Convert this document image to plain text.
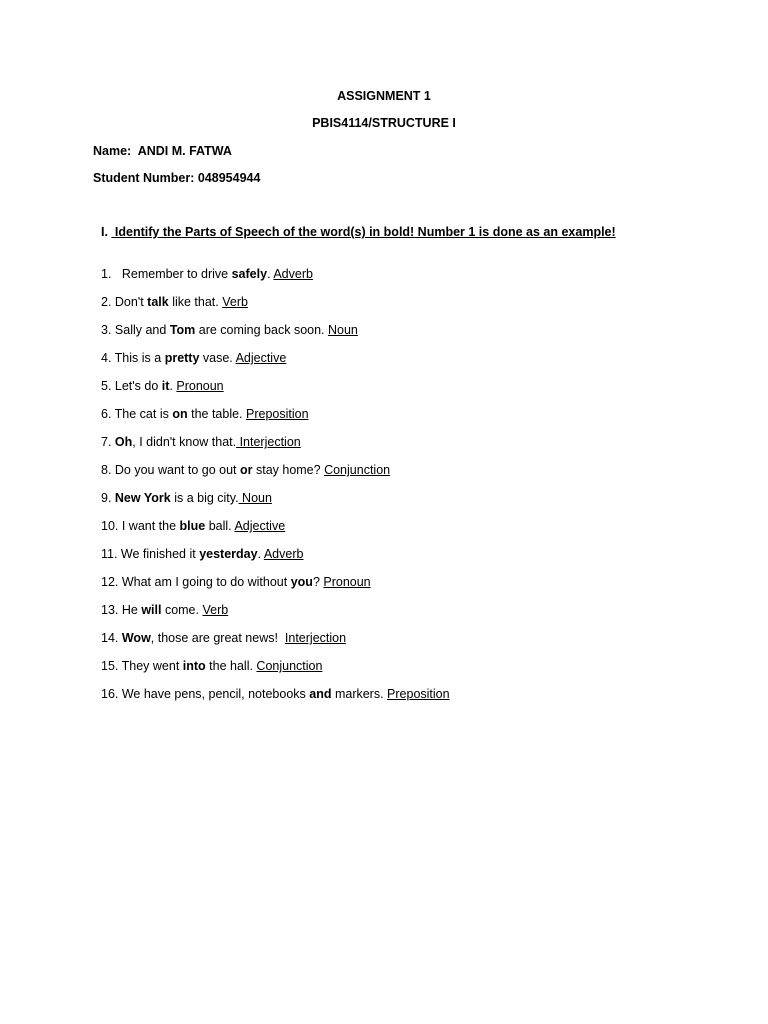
ASSIGNMENT 1
PBIS4114/STRUCTURE I
Name:  ANDI M. FATWA
Student Number: 048954944
I.  Identify the Parts of Speech of the word(s) in bold! Number 1 is done as an example!
1.   Remember to drive safely. Adverb
2. Don't talk like that. Verb
3. Sally and Tom are coming back soon. Noun
4. This is a pretty vase. Adjective
5. Let's do it. Pronoun
6. The cat is on the table. Preposition
7. Oh, I didn't know that. Interjection
8. Do you want to go out or stay home? Conjunction
9. New York is a big city. Noun
10. I want the blue ball. Adjective
11. We finished it yesterday. Adverb
12. What am I going to do without you? Pronoun
13. He will come. Verb
14. Wow, those are great news!  Interjection
15. They went into the hall. Conjunction
16. We have pens, pencil, notebooks and markers. Preposition
